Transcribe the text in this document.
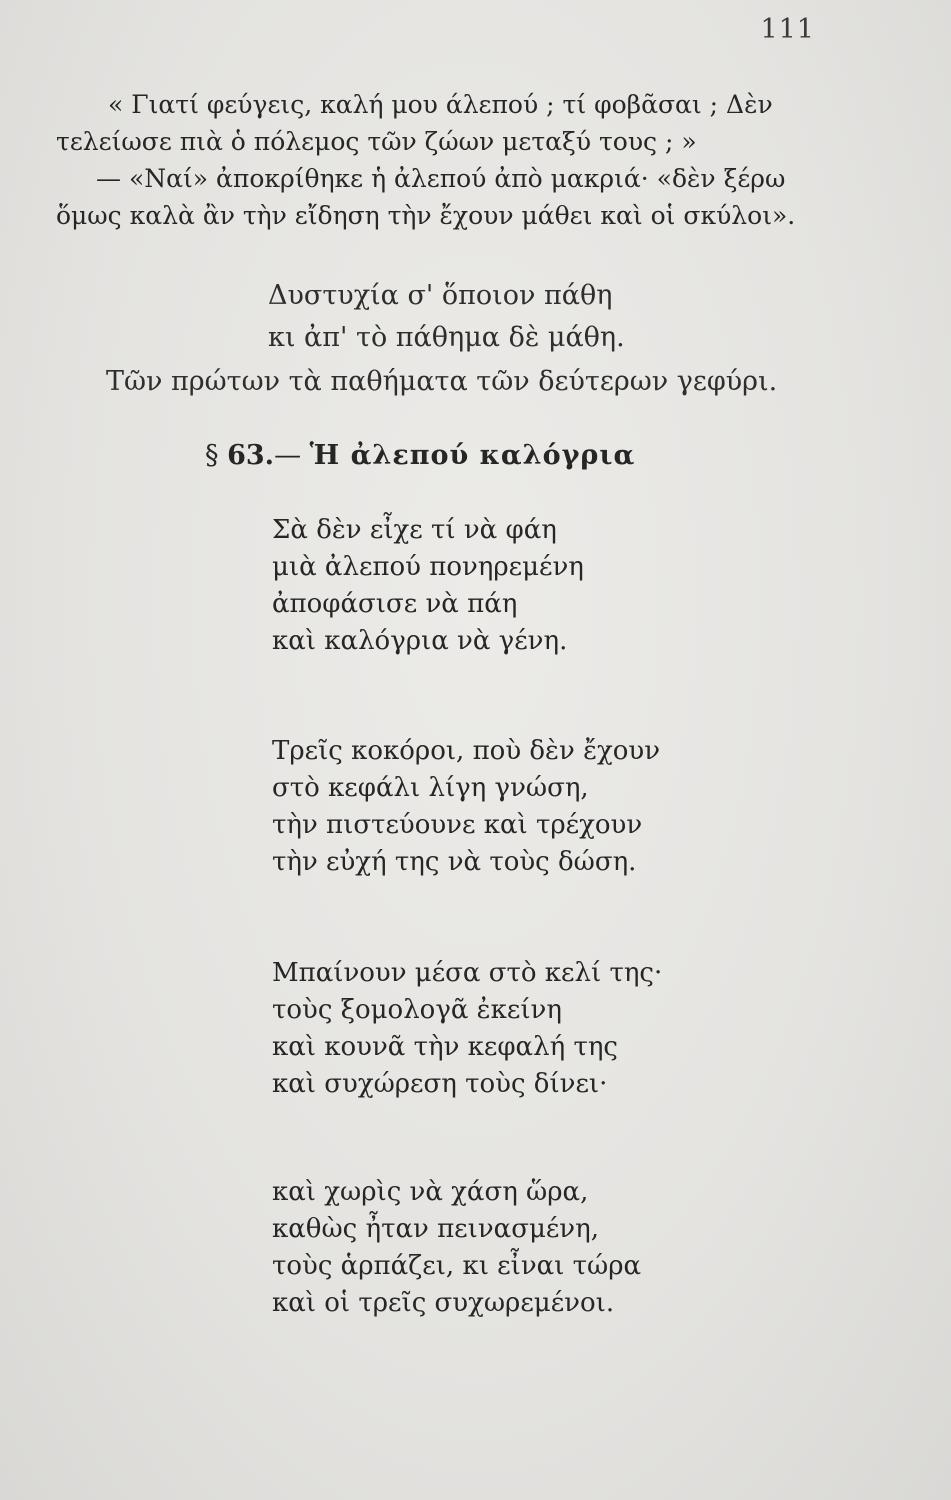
111
« Γιατί φεύγεις, καλή μου άλεπού ; τί φοβᾶσαι ; Δὲν
τελείωσε πιὰ ὁ πόλεμος τῶν ζώων μεταξύ τους ; »
— «Ναί» ἀποκρίθηκε ἡ ἀλεπού ἀπὸ μακριά· «δὲν ξέρω
ὅμως καλὰ ἂν τὴν εἴδηση τὴν ἔχουν μάθει καὶ οἱ σκύλοι».
Δυστυχία σ' ὅποιον πάθη
κι ἀπ' τὸ πάθημα δὲ μάθη.
Τῶν πρώτων τὰ παθήματα τῶν δεύτερων γεφύρι.
§ 63.— Ἡ ἀλεπού καλόγρια
Σὰ δὲν εἶχε τί νὰ φάη
μιὰ ἀλεπού πονηρεμένη
ἀποφάσισε νὰ πάη
καὶ καλόγρια νὰ γένη.
Τρεῖς κοκόροι, ποὺ δὲν ἔχουν
στὸ κεφάλι λίγη γνώση,
τὴν πιστεύουνε καὶ τρέχουν
τὴν εὐχή της νὰ τοὺς δώση.
Μπαίνουν μέσα στὸ κελί της·
τοὺς ξομολογᾶ ἐκείνη
καὶ κουνᾶ τὴν κεφαλή της
καὶ συχώρεση τοὺς δίνει·
καὶ χωρὶς νὰ χάση ὥρα,
καθὼς ἦταν πεινασμένη,
τοὺς ἁρπάζει, κι εἶναι τώρα
καὶ οἱ τρεῖς συχωρεμένοι.
